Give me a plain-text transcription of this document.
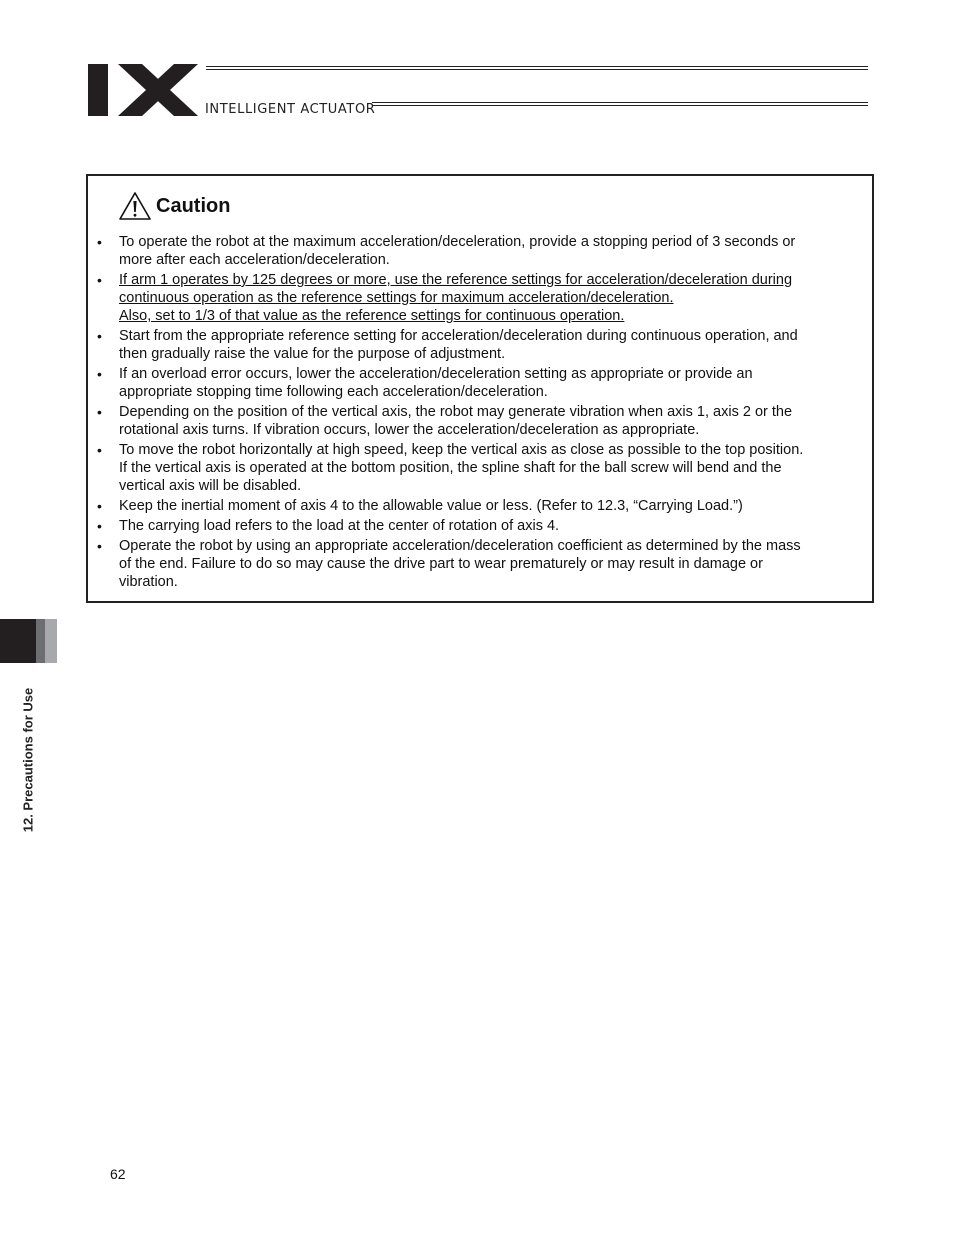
INTELLIGENT ACTUATOR
Caution
• To operate the robot at the maximum acceleration/deceleration, provide a stopping period of 3 seconds or
more after each acceleration/deceleration.
• If arm 1 operates by 125 degrees or more, use the reference settings for acceleration/deceleration during
continuous operation as the reference settings for maximum acceleration/deceleration.
Also, set to 1/3 of that value as the reference settings for continuous operation.
• Start from the appropriate reference setting for acceleration/deceleration during continuous operation, and
then gradually raise the value for the purpose of adjustment.
• If an overload error occurs, lower the acceleration/deceleration setting as appropriate or provide an
appropriate stopping time following each acceleration/deceleration.
• Depending on the position of the vertical axis, the robot may generate vibration when axis 1, axis 2 or the
rotational axis turns. If vibration occurs, lower the acceleration/deceleration as appropriate.
• To move the robot horizontally at high speed, keep the vertical axis as close as possible to the top position.
If the vertical axis is operated at the bottom position, the spline shaft for the ball screw will bend and the
vertical axis will be disabled.
• Keep the inertial moment of axis 4 to the allowable value or less. (Refer to 12.3, “Carrying Load.”)
• The carrying load refers to the load at the center of rotation of axis 4.
• Operate the robot by using an appropriate acceleration/deceleration coefficient as determined by the mass
of the end. Failure to do so may cause the drive part to wear prematurely or may result in damage or
vibration.
12. Precautions for Use
62
